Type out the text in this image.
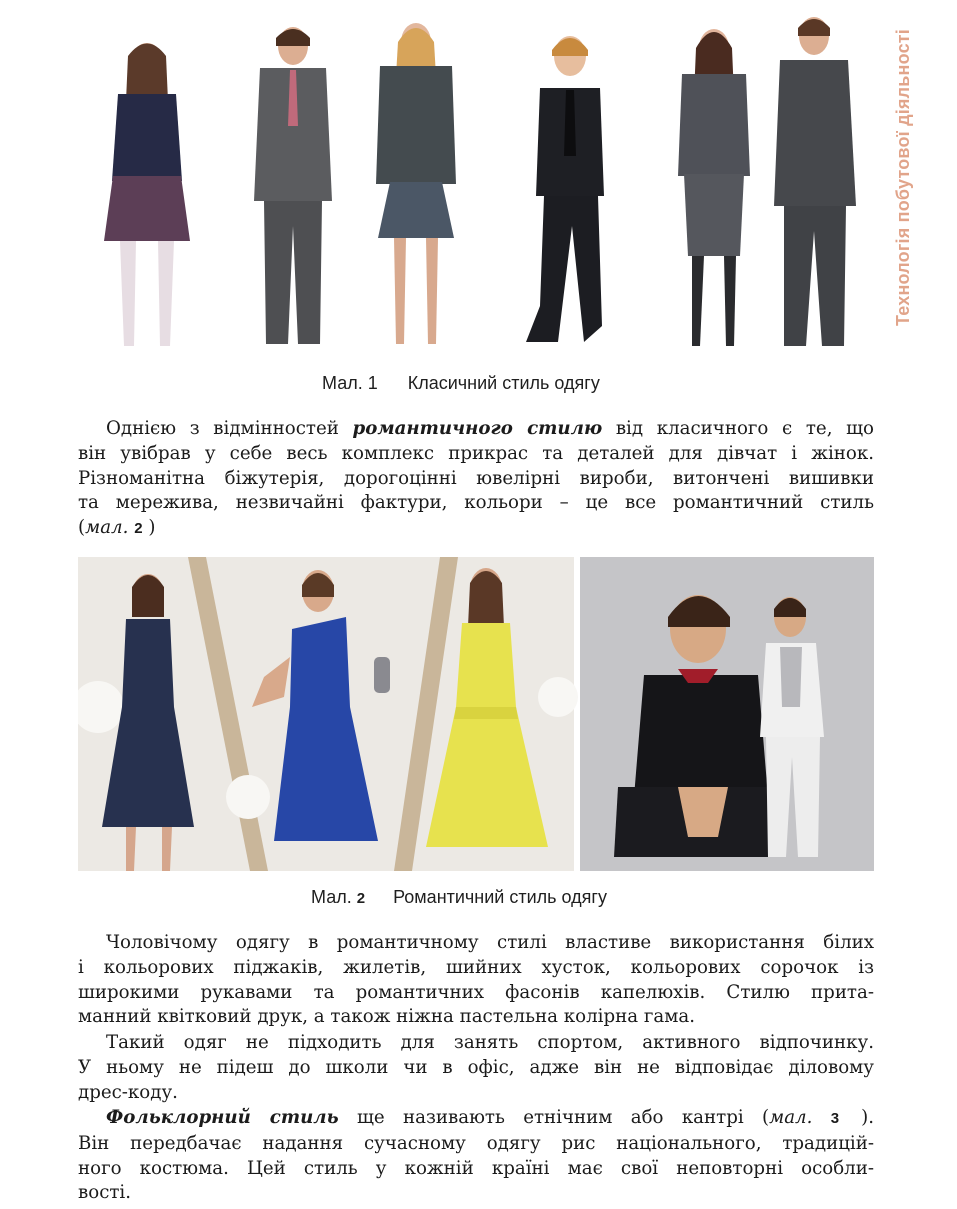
Технологія побутової діяльності
Мал. 1 Класичний стиль одягу
Однією з відмінностей романтичного стилю від класичного є те, що
він увібрав у себе весь комплекс прикрас та деталей для дівчат і жінок.
Різноманітна біжутерія, дорогоцінні ювелірні вироби, витончені вишивки
та мережива, незвичайні фактури, кольори – це все романтичний стиль
(мал. 2 )
Мал. 2 Романтичний стиль одягу
Чоловічому одягу в романтичному стилі властиве використання білих
і кольорових піджаків, жилетів, шийних хусток, кольорових сорочок із
широкими рукавами та романтичних фасонів капелюхів. Стилю прита-
манний квітковий друк, а також ніжна пастельна колірна гама.
Такий одяг не підходить для занять спортом, активного відпочинку.
У ньому не підеш до школи чи в офіс, адже він не відповідає діловому
дрес-коду.
Фольклорний стиль ще називають етнічним або кантрі (мал. 3 ).
Він передбачає надання сучасному одягу рис національного, традицій-
ного костюма. Цей стиль у кожній країні має свої неповторні особли-
вості.
